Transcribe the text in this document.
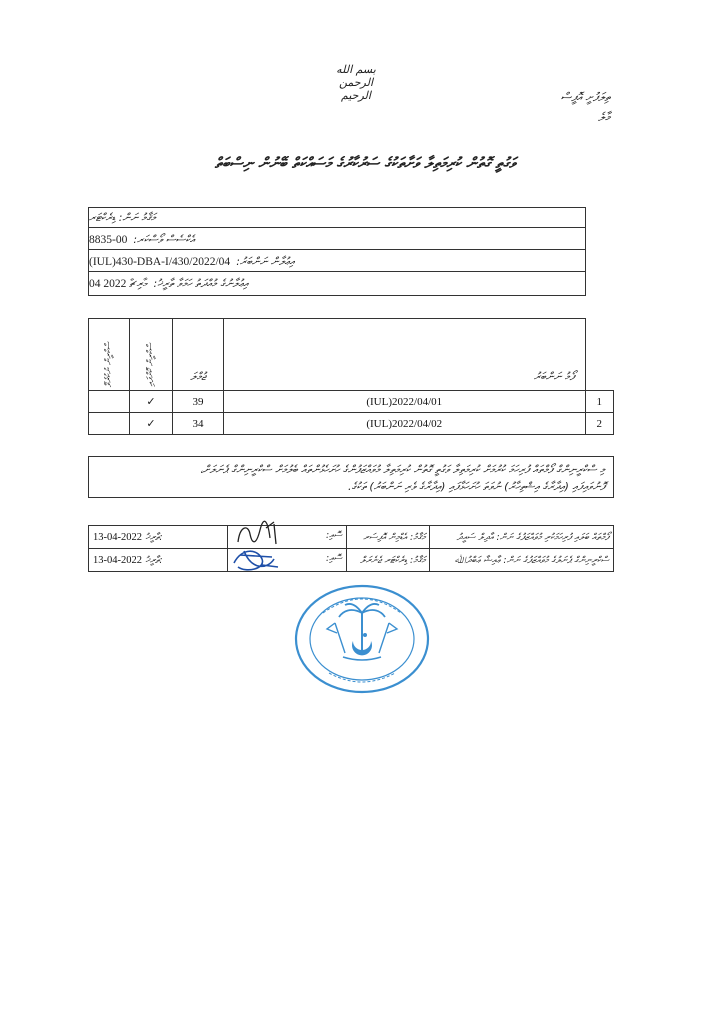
بسم الله الرحمن الرحيم	ތިލަފުށީ އޮފީސް
މާލެ
ވަގުތީ ގޮތުން ކުރިމަތިލާ ވަށާތަކުގެ ސަރުކާރުގެ މަސައްކަތް ބޭނުން ނިސްބަތް
މަޤާމު ނަން: ޑިރެކްޓަރ
އެކްސެސް ވޯސްކަރ:
8835-00
އިޢުލާން ނަންބަރު:
(IUL)430-DBA-I/430/2022/04
އިޢުލާނުގެ މުއްދަތު ހަމަވާ ތާރީޚު:
04 މާރިޗް 2022
ސްކްރީން ނުކުރެވޭ	ސްކްރީން ކޮށްފައި	ޖުމްލަ	ފޯމު ނަންބަރު	
	✓	39	(IUL)2022/04/01	1
	✓	34	(IUL)2022/04/02	2
މި ސްކްރީނިންގް ފޯމްތައް ފުރިހަމަ ކުރުމަށް ކުރިމަތިލާ ވަގުތީ ގޮތުން ކުރިމަތިލާ މުވައްޒަފުންގެ ހުށަހެޅުންތައް ބެލުމަށް ސްކްރީނިންގް ޕެނަލަށް،
ފޮނުވައިފައި (އިދާރާގެ އިޝްތިހާރު) ނުވަތަ ހުށަހަޅާފައި (އިދާރާގެ ވެރި ނަންބަރު) ތަކުގެ.
13-04-2022 ތާރީޚު:	ސޮއި:	މަޤާމު: އެޑްމިން އޮފިސަރ	ފޯމްތައް ބަލައި ފުރިހަމަކުރި މުވައްޒަފުގެ ނަން: އާދިލް ސައީދު
13-04-2022 ތާރީޚު:	ސޮއި:	މަޤާމު: ޑިރެކްޓަރ ޖެނެރަލް	ސްކްރީނިންގް ޕެނަލުގެ މުވައްޒަފުގެ ނަން: ޢާއިޝާ ޢަބްދުﷲ
